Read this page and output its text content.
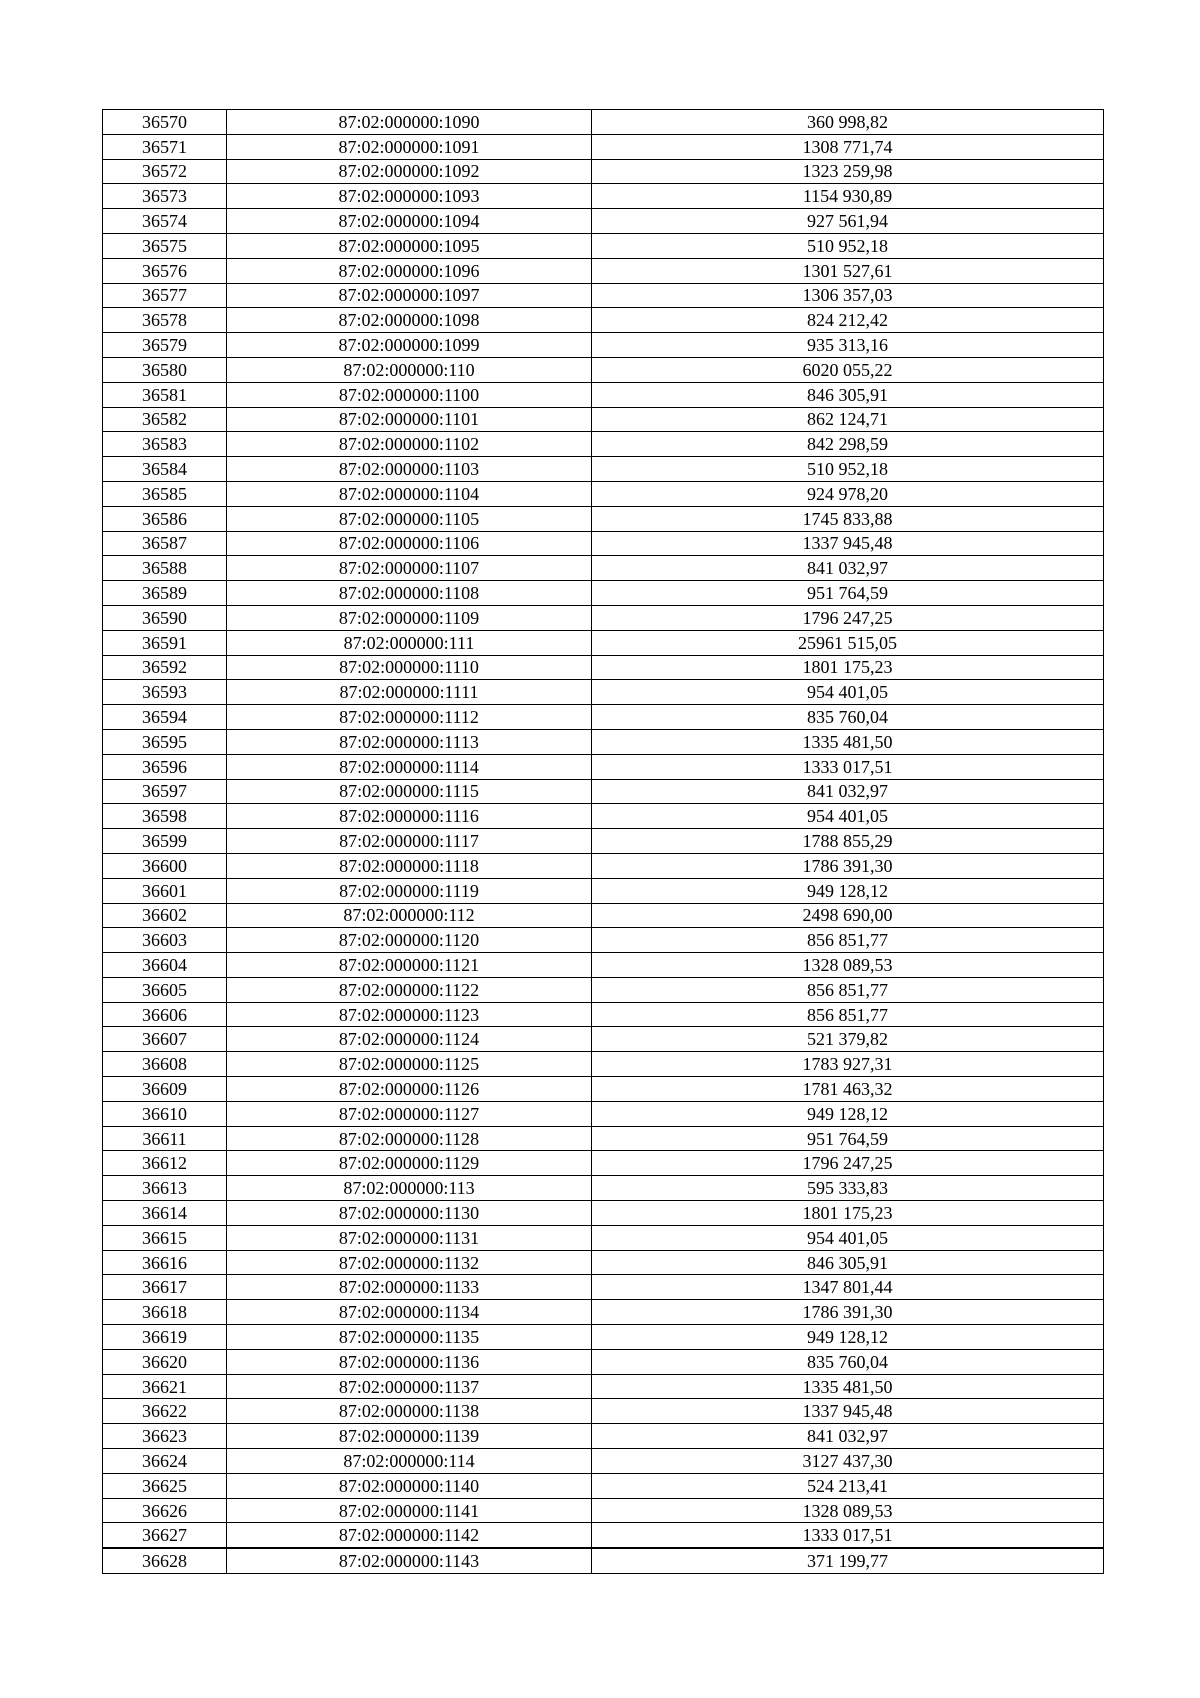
36570	87:02:000000:1090	360 998,82
36571	87:02:000000:1091	1308 771,74
36572	87:02:000000:1092	1323 259,98
36573	87:02:000000:1093	1154 930,89
36574	87:02:000000:1094	927 561,94
36575	87:02:000000:1095	510 952,18
36576	87:02:000000:1096	1301 527,61
36577	87:02:000000:1097	1306 357,03
36578	87:02:000000:1098	824 212,42
36579	87:02:000000:1099	935 313,16
36580	87:02:000000:110	6020 055,22
36581	87:02:000000:1100	846 305,91
36582	87:02:000000:1101	862 124,71
36583	87:02:000000:1102	842 298,59
36584	87:02:000000:1103	510 952,18
36585	87:02:000000:1104	924 978,20
36586	87:02:000000:1105	1745 833,88
36587	87:02:000000:1106	1337 945,48
36588	87:02:000000:1107	841 032,97
36589	87:02:000000:1108	951 764,59
36590	87:02:000000:1109	1796 247,25
36591	87:02:000000:111	25961 515,05
36592	87:02:000000:1110	1801 175,23
36593	87:02:000000:1111	954 401,05
36594	87:02:000000:1112	835 760,04
36595	87:02:000000:1113	1335 481,50
36596	87:02:000000:1114	1333 017,51
36597	87:02:000000:1115	841 032,97
36598	87:02:000000:1116	954 401,05
36599	87:02:000000:1117	1788 855,29
36600	87:02:000000:1118	1786 391,30
36601	87:02:000000:1119	949 128,12
36602	87:02:000000:112	2498 690,00
36603	87:02:000000:1120	856 851,77
36604	87:02:000000:1121	1328 089,53
36605	87:02:000000:1122	856 851,77
36606	87:02:000000:1123	856 851,77
36607	87:02:000000:1124	521 379,82
36608	87:02:000000:1125	1783 927,31
36609	87:02:000000:1126	1781 463,32
36610	87:02:000000:1127	949 128,12
36611	87:02:000000:1128	951 764,59
36612	87:02:000000:1129	1796 247,25
36613	87:02:000000:113	595 333,83
36614	87:02:000000:1130	1801 175,23
36615	87:02:000000:1131	954 401,05
36616	87:02:000000:1132	846 305,91
36617	87:02:000000:1133	1347 801,44
36618	87:02:000000:1134	1786 391,30
36619	87:02:000000:1135	949 128,12
36620	87:02:000000:1136	835 760,04
36621	87:02:000000:1137	1335 481,50
36622	87:02:000000:1138	1337 945,48
36623	87:02:000000:1139	841 032,97
36624	87:02:000000:114	3127 437,30
36625	87:02:000000:1140	524 213,41
36626	87:02:000000:1141	1328 089,53
36627	87:02:000000:1142	1333 017,51
36628	87:02:000000:1143	371 199,77
